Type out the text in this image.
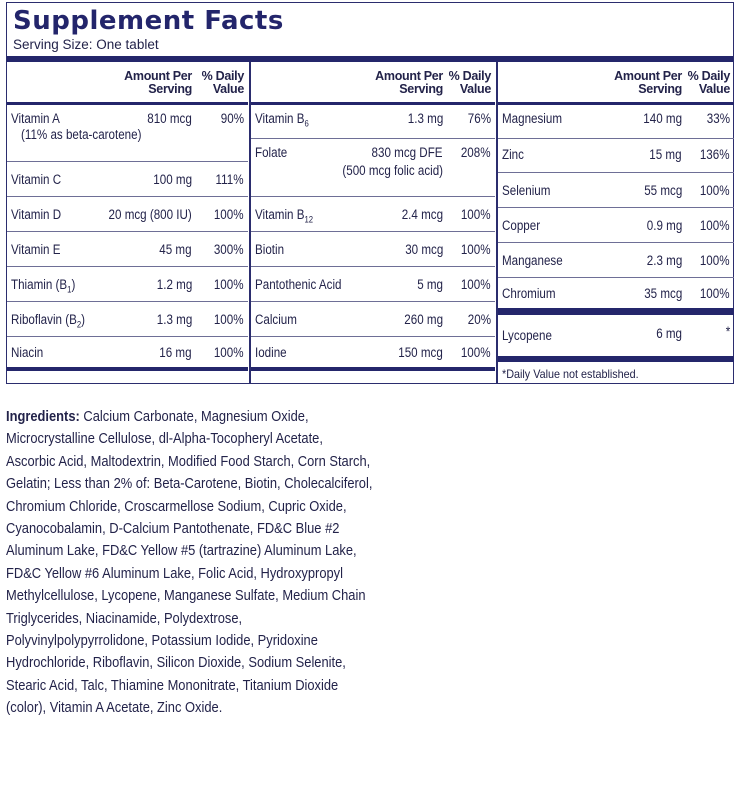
Supplement Facts
Serving Size: One tablet
Amount Per
Serving
% Daily
Value
Vitamin A
(11% as beta-carotene)
810 mcg 90%
Vitamin C	100 mg 111%
Vitamin D	20 mcg (800 IU) 100%
Vitamin E	45 mg 300%
Thiamin $(B_1)$	1.2 mg 100%
Riboflavin $(B_2)$	1.3 mg 100%
Niacin	16 mg 100%
Amount Per
Serving
% Daily
Value
Vitamin $B_6$	1.3 mg 76%
Folate	830 mcg DFE
(500 mcg folic acid)
208%
Vitamin $B_{12}$	2.4 mcg 100%
Biotin	30 mcg 100%
Pantothenic Acid	5 mg 100%
Calcium	260 mg 20%
Iodine	150 mcg 100%
Amount Per
Serving
% Daily
Value
Magnesium	140 mg 33%
Zinc	15 mg 136%
Selenium	55 mcg 100%
Copper	0.9 mg 100%
Manganese	2.3 mg 100%
Chromium	35 mcg 100%
Lycopene	6 mg	*
*Daily Value not established.
Ingredients: Calcium Carbonate, Magnesium Oxide,
Microcrystalline Cellulose, dl-Alpha-Tocopheryl Acetate,
Ascorbic Acid, Maltodextrin, Modified Food Starch, Corn Starch,
Gelatin; Less than 2% of: Beta-Carotene, Biotin, Cholecalciferol,
Chromium Chloride, Croscarmellose Sodium, Cupric Oxide,
Cyanocobalamin, D-Calcium Pantothenate, FD&C Blue #2
Aluminum Lake, FD&C Yellow #5 (tartrazine) Aluminum Lake,
FD&C Yellow #6 Aluminum Lake, Folic Acid, Hydroxypropyl
Methylcellulose, Lycopene, Manganese Sulfate, Medium Chain
Triglycerides, Niacinamide, Polydextrose,
Polyvinylpolypyrrolidone, Potassium Iodide, Pyridoxine
Hydrochloride, Riboflavin, Silicon Dioxide, Sodium Selenite,
Stearic Acid, Talc, Thiamine Mononitrate, Titanium Dioxide
(color), Vitamin A Acetate, Zinc Oxide.
